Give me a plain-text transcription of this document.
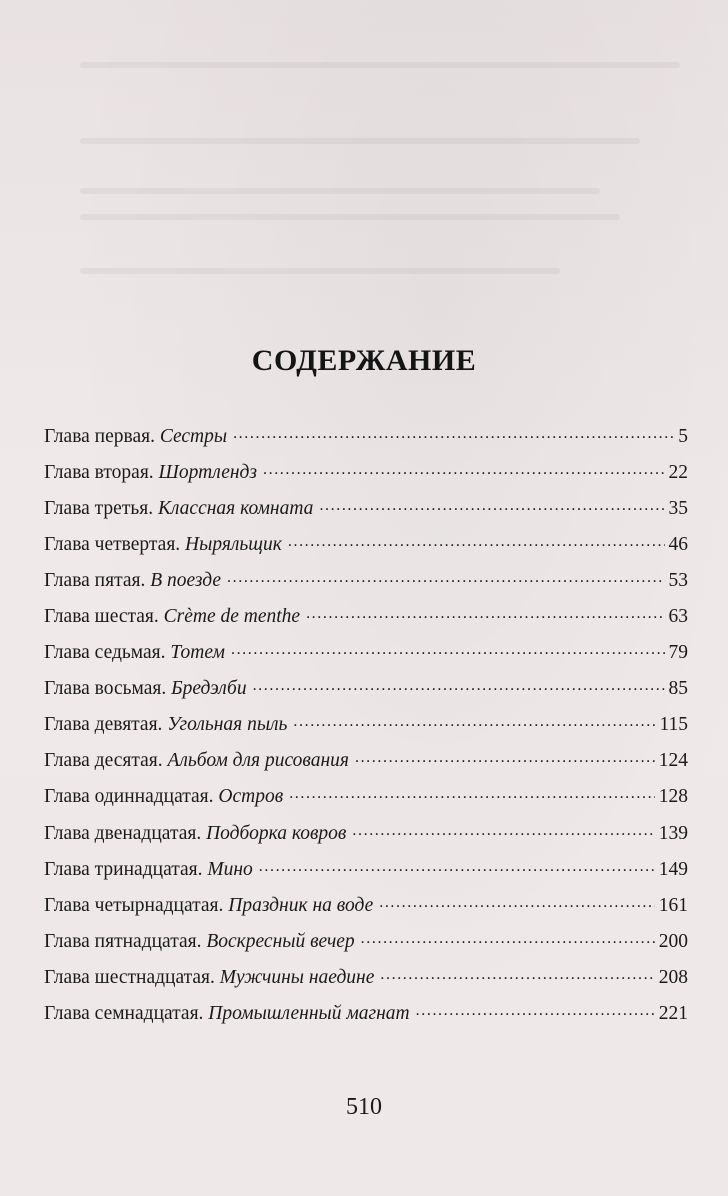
СОДЕРЖАНИЕ
Глава первая. Сестры .....	5
Глава вторая. Шортлендз .....	22
Глава третья. Классная комната .....	35
Глава четвертая. Ныряльщик .....	46
Глава пятая. В поезде .....	53
Глава шестая. Crème de menthe .....	63
Глава седьмая. Тотем .....	79
Глава восьмая. Бредэлби .....	85
Глава девятая. Угольная пыль .....	115
Глава десятая. Альбом для рисования .....	124
Глава одиннадцатая. Остров .....	128
Глава двенадцатая. Подборка ковров .....	139
Глава тринадцатая. Мино .....	149
Глава четырнадцатая. Праздник на воде .....	161
Глава пятнадцатая. Воскресный вечер .....	200
Глава шестнадцатая. Мужчины наедине .....	208
Глава семнадцатая. Промышленный магнат .....	221
510
